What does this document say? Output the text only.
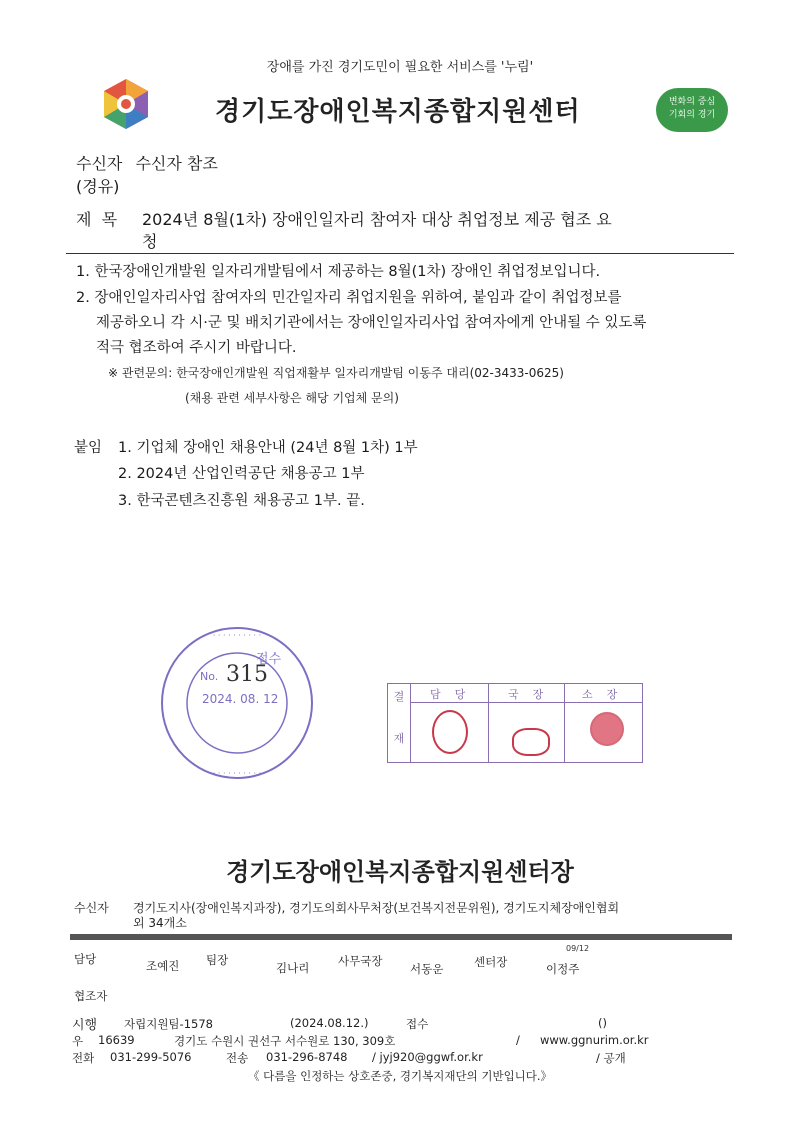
장애를 가진 경기도민이 필요한 서비스를 '누림'
경기도장애인복지종합지원센터	변화의 중심
기회의 경기
수신자 수신자 참조
(경유)
제  목 2024년 8월(1차) 장애인일자리 참여자 대상 취업정보 제공 협조 요
청
1. 한국장애인개발원 일자리개발팀에서 제공하는 8월(1차) 장애인 취업정보입니다.
2. 장애인일자리사업 참여자의 민간일자리 취업지원을 위하여, 붙임과 같이 취업정보를
제공하오니 각 시·군 및 배치기관에서는 장애인일자리사업 참여자에게 안내될 수 있도록
적극 협조하여 주시기 바랍니다.
※ 관련문의: 한국장애인개발원 직업재활부 일자리개발팀 이동주 대리(02-3433-0625)
(채용 관련 세부사항은 해당 기업체 문의)
붙임 1. 기업체 장애인 채용안내 (24년 8월 1차) 1부
2. 2024년 산업인력공단 채용공고 1부
3. 한국콘텐츠진흥원 채용공고 1부. 끝.
· · · · · · · · · ·
· · · · · · · · · ·
No.
접수
315
2024. 08. 12	결
재
담당	국장 소장
경기도장애인복지종합지원센터장
수신자 경기도지사(장애인복지과장), 경기도의회사무처장(보건복지전문위원), 경기도지체장애인협회
외 34개소
09/12
담당	조예진 팀장
김나리 사무국장
서동운	센터장	이정주
협조자
시행 자립지원팀-1578	(2024.08.12.)	접수	()
우 16639	경기도 수원시 권선구 서수원로 130, 309호	/ www.ggnurim.or.kr
전화 031-299-5076	전송 031-296-8748 / jyj920@ggwf.or.kr	/ 공개
《 다름을 인정하는 상호존중, 경기복지재단의 기반입니다.》
